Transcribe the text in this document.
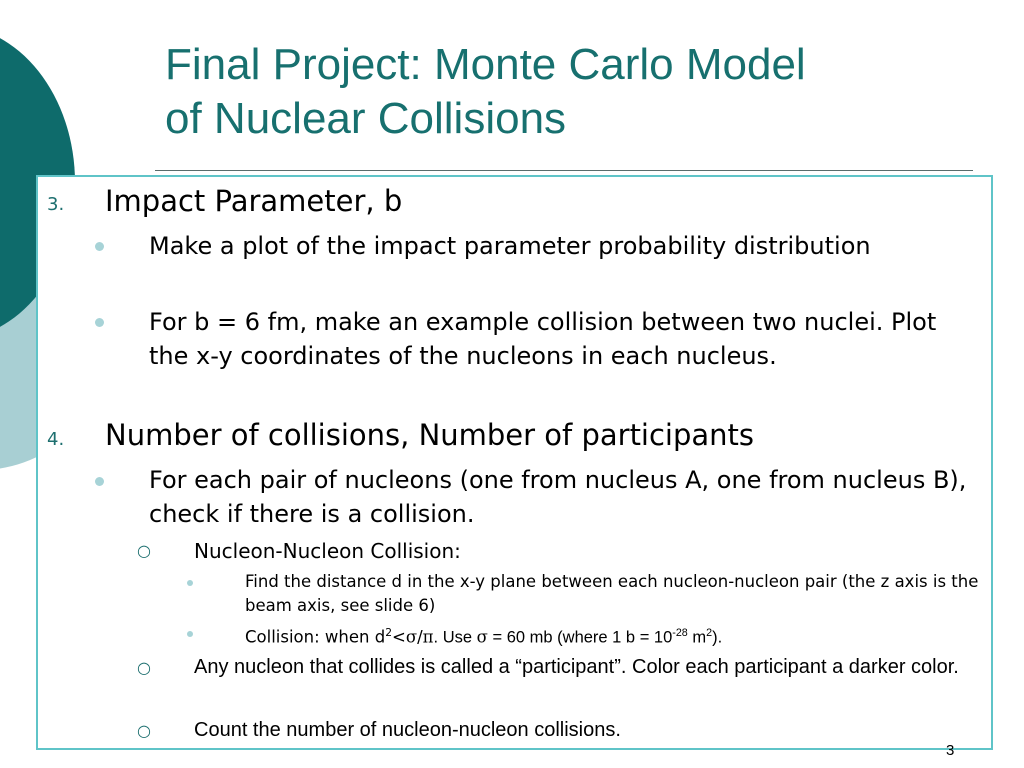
Final Project: Monte Carlo Model
of Nuclear Collisions
3. Impact Parameter, b
Make a plot of the impact parameter probability distribution
For b = 6 fm, make an example collision between two nuclei. Plot the x-y coordinates of the nucleons in each nucleus.
4. Number of collisions, Number of participants
For each pair of nucleons (one from nucleus A, one from nucleus B), check if there is a collision.
○ Nucleon-Nucleon Collision:
Find the distance d in the x-y plane between each nucleon-nucleon pair (the z axis is the beam axis, see slide 6)
Collision: when $d^2<\sigma/\pi$. Use σ = 60 mb (where 1 $b = 10^{-28}$ $m^2$).
○ Any nucleon that collides is called a “participant”. Color each participant a darker color.
○ Count the number of nucleon-nucleon collisions.
3
